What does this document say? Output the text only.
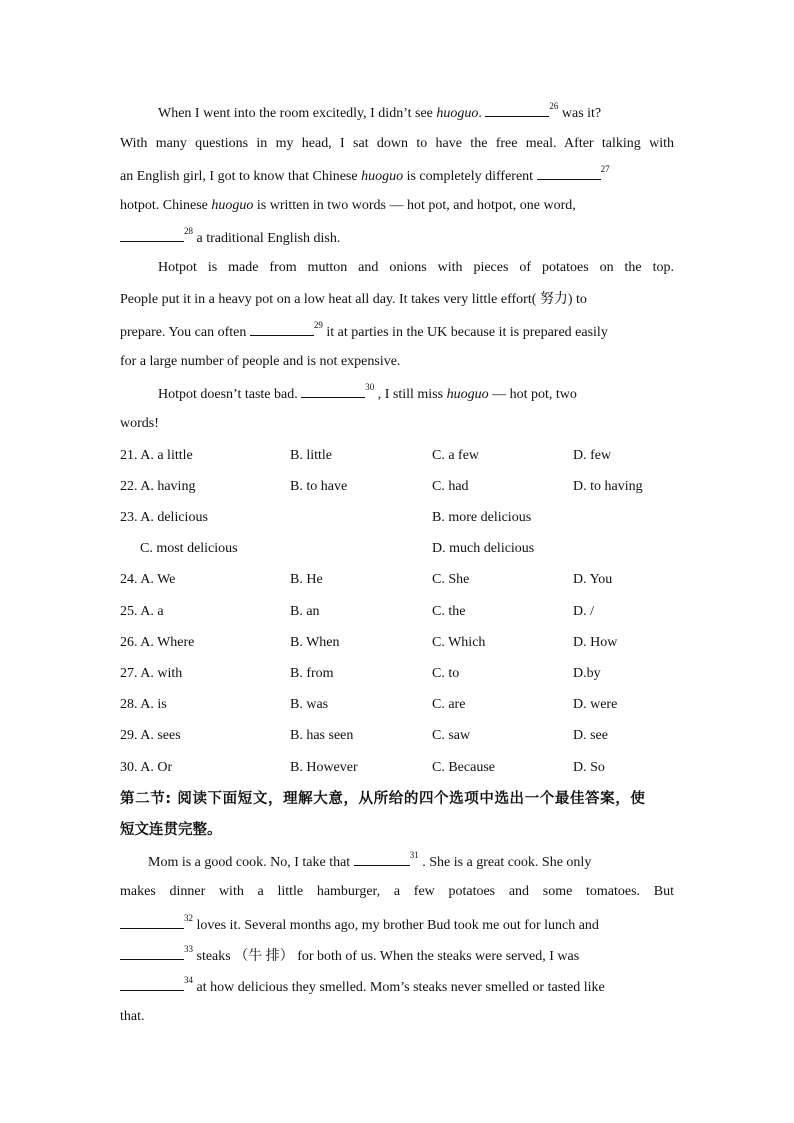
When I went into the room excitedly, I didn’t see huoguo.	$^{26}$ was it?
With many questions in my head, I sat down to have the free meal. After talking with
an English girl, I got to know that Chinese huoguo is completely different	$^{27}$
hotpot. Chinese huoguo is written in two words — hot pot, and hotpot, one word,
$^{28}$ a traditional English dish.
Hotpot is made from mutton and onions with pieces of potatoes on the top.
People put it in a heavy pot on a low heat all day. It takes very little effort( 努力) to
prepare. You can often	$^{29}$ it at parties in the UK because it is prepared easily
for a large number of people and is not expensive.
Hotpot doesn’t taste bad.	$^{30}$ , I still miss huoguo — hot pot, two
words!
21. A. a little	B. little	C. a few	D. few
22. A. having	B. to have	C. had	D. to having
23. A. delicious	B. more delicious
C. most delicious	D. much delicious
24. A. We	B. He	C. She	D. You
25. A. a	B. an	C. the	D. /
26. A. Where	B. When	C. Which	D. How
27. A. with	B. from	C. to	D.by
28. A. is	B. was	C. are	D. were
29. A. sees	B. has seen	C. saw	D. see
30. A. Or	B. However	C. Because	D. So
第二节: 阅读下面短文，理解大意，从所给的四个选项中选出一个最佳答案，使
短文连贯完整。
Mom is a good cook. No, I take that	$^{31}$ . She is a great cook. She only
makes dinner with a little hamburger, a few potatoes and some tomatoes. But
$^{32}$ loves it. Several months ago, my brother Bud took me out for lunch and
$^{33}$ steaks （牛 排） for both of us. When the steaks were served, I was
$^{34}$ at how delicious they smelled. Mom’s steaks never smelled or tasted like
that.
